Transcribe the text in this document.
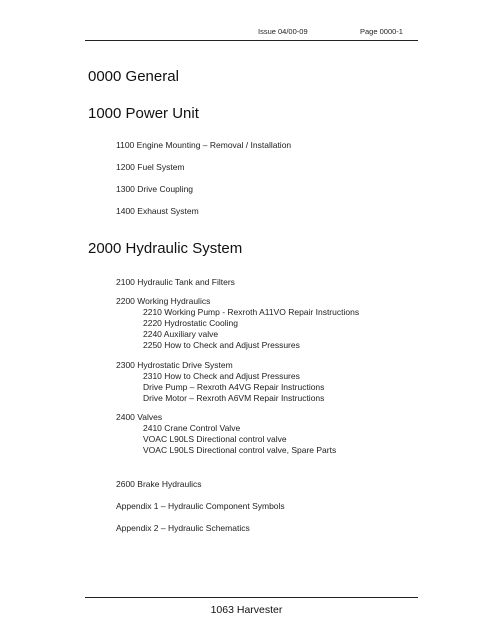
Issue 04/00-09	Page 0000-1
0000 General
1000 Power Unit
1100 Engine Mounting – Removal / Installation
1200 Fuel System
1300 Drive Coupling
1400 Exhaust System
2000 Hydraulic System
2100 Hydraulic Tank and Filters
2200 Working Hydraulics
2210 Working Pump - Rexroth A11VO Repair Instructions
2220 Hydrostatic Cooling
2240 Auxiliary valve
2250 How to Check and Adjust Pressures
2300 Hydrostatic Drive System
2310 How to Check and Adjust Pressures
Drive Pump – Rexroth A4VG Repair Instructions
Drive Motor – Rexroth A6VM Repair Instructions
2400 Valves
2410 Crane Control Valve
VOAC L90LS Directional control valve
VOAC L90LS Directional control valve, Spare Parts
2600 Brake Hydraulics
Appendix 1 – Hydraulic Component Symbols
Appendix 2 – Hydraulic Schematics
1063 Harvester
